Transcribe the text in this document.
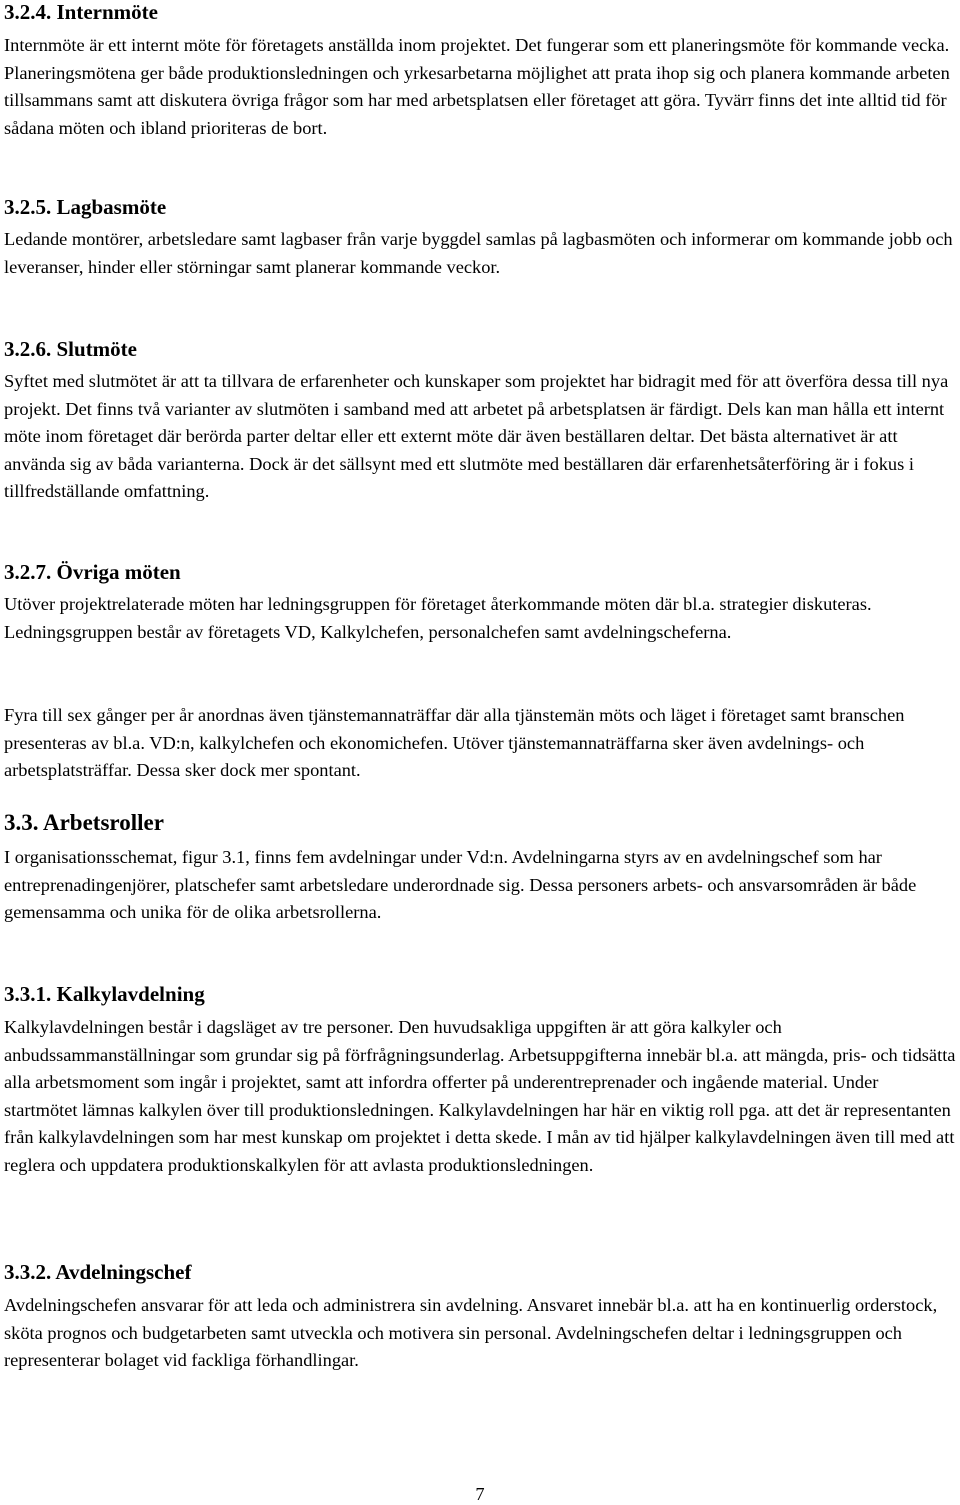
3.2.4. Internmöte

Internmöte är ett internt möte för företagets anställda inom projektet. Det fungerar som ett planeringsmöte för kommande vecka. Planeringsmötena ger både produktionsledningen och yrkesarbetarna möjlighet att prata ihop sig och planera kommande arbeten tillsammans samt att diskutera övriga frågor som har med arbetsplatsen eller företaget att göra. Tyvärr finns det inte alltid tid för sådana möten och ibland prioriteras de bort.

3.2.5. Lagbasmöte

Ledande montörer, arbetsledare samt lagbaser från varje byggdel samlas på lagbasmöten och informerar om kommande jobb och leveranser, hinder eller störningar samt planerar kommande veckor.

3.2.6. Slutmöte

Syftet med slutmötet är att ta tillvara de erfarenheter och kunskaper som projektet har bidragit med för att överföra dessa till nya projekt. Det finns två varianter av slutmöten i samband med att arbetet på arbetsplatsen är färdigt. Dels kan man hålla ett internt möte inom företaget där berörda parter deltar eller ett externt möte där även beställaren deltar. Det bästa alternativet är att använda sig av båda varianterna. Dock är det sällsynt med ett slutmöte med beställaren där erfarenhetsåterföring är i fokus i tillfredställande omfattning.

3.2.7. Övriga möten

Utöver projektrelaterade möten har ledningsgruppen för företaget återkommande möten där bl.a. strategier diskuteras. Ledningsgruppen består av företagets VD, Kalkylchefen, personalchefen samt avdelningscheferna.

Fyra till sex gånger per år anordnas även tjänstemannaträffar där alla tjänstemän möts och läget i företaget samt branschen presenteras av bl.a. VD:n, kalkylchefen och ekonomichefen. Utöver tjänstemannaträffarna sker även avdelnings- och arbetsplatsträffar. Dessa sker dock mer spontant.

3.3. Arbetsroller

I organisationsschemat, figur 3.1, finns fem avdelningar under Vd:n. Avdelningarna styrs av en avdelningschef som har entreprenadingenjörer, platschefer samt arbetsledare underordnade sig. Dessa personers arbets- och ansvarsområden är både gemensamma och unika för de olika arbetsrollerna.

3.3.1. Kalkylavdelning

Kalkylavdelningen består i dagsläget av tre personer. Den huvudsakliga uppgiften är att göra kalkyler och anbudssammanställningar som grundar sig på förfrågningsunderlag. Arbetsuppgifterna innebär bl.a. att mängda, pris- och tidsätta alla arbetsmoment som ingår i projektet, samt att infordra offerter på underentreprenader och ingående material. Under startmötet lämnas kalkylen över till produktionsledningen. Kalkylavdelningen har här en viktig roll pga. att det är representanten från kalkylavdelningen som har mest kunskap om projektet i detta skede. I mån av tid hjälper kalkylavdelningen även till med att reglera och uppdatera produktionskalkylen för att avlasta produktionsledningen.

3.3.2. Avdelningschef

Avdelningschefen ansvarar för att leda och administrera sin avdelning. Ansvaret innebär bl.a. att ha en kontinuerlig orderstock, sköta prognos och budgetarbeten samt utveckla och motivera sin personal. Avdelningschefen deltar i ledningsgruppen och representerar bolaget vid fackliga förhandlingar.

7
